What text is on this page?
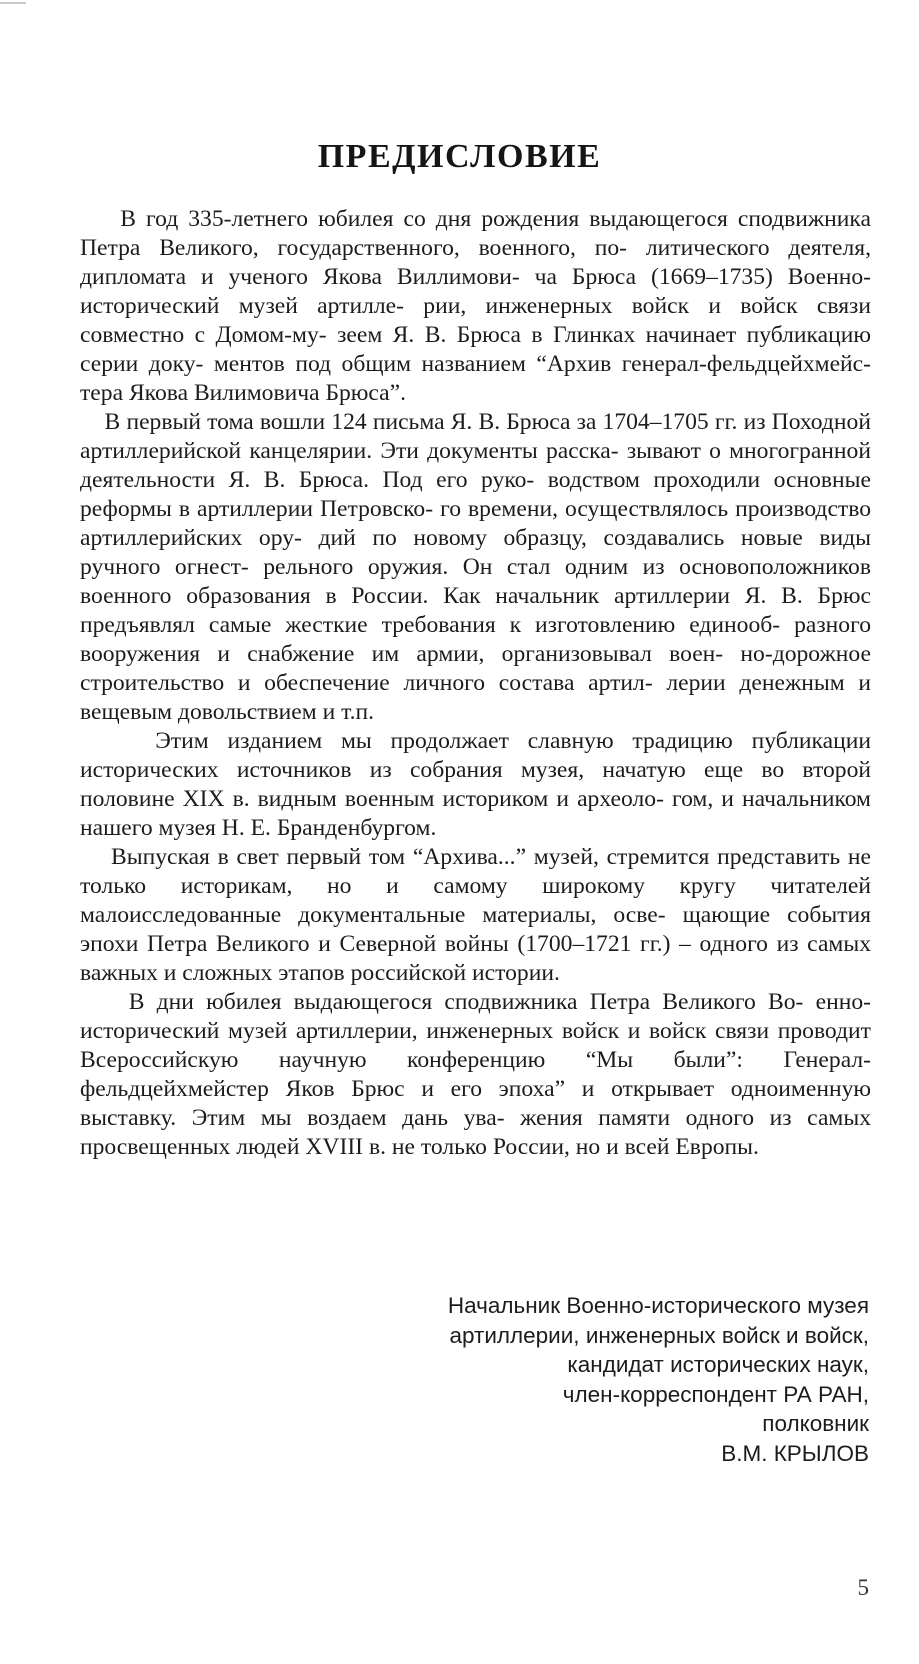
ПРЕДИСЛОВИЕ

В год 335-летнего юбилея со дня рождения выдающегося сподвижника Петра Великого, государственного, военного, по- литического деятеля, дипломата и ученого Якова Виллимови- ча Брюса (1669–1735) Военно-исторический музей артилле- рии, инженерных войск и войск связи совместно с Домом-му- зеем Я. В. Брюса в Глинках начинает публикацию серии доку- ментов под общим названием “Архив генерал-фельдцейхмейс- тера Якова Вилимовича Брюса”.

В первый тома вошли 124 письма Я. В. Брюса за 1704–1705 гг. из Походной артиллерийской канцелярии. Эти документы расска- зывают о многогранной деятельности Я. В. Брюса. Под его руко- водством проходили основные реформы в артиллерии Петровско- го времени, осуществлялось производство артиллерийских ору- дий по новому образцу, создавались новые виды ручного огнест- рельного оружия. Он стал одним из основоположников военного образования в России. Как начальник артиллерии Я. В. Брюс предъявлял самые жесткие требования к изготовлению единооб- разного вооружения и снабжение им армии, организовывал воен- но-дорожное строительство и обеспечение личного состава артил- лерии денежным и вещевым довольствием и т.п.

Этим изданием мы продолжает славную традицию публикации исторических источников из собрания музея, начатую еще во второй половине XIX в. видным военным историком и археоло- гом, и начальником нашего музея Н. Е. Бранденбургом.

Выпуская в свет первый том “Архива...” музей, стремится представить не только историкам, но и самому широкому кругу читателей малоисследованные документальные материалы, осве- щающие события эпохи Петра Великого и Северной войны (1700–1721 гг.) – одного из самых важных и сложных этапов российской истории.

В дни юбилея выдающегося сподвижника Петра Великого Во- енно-исторический музей артиллерии, инженерных войск и войск связи проводит Всероссийскую научную конференцию “Мы были”: Генерал-фельдцейхмейстер Яков Брюс и его эпоха” и открывает одноименную выставку. Этим мы воздаем дань ува- жения памяти одного из самых просвещенных людей XVIII в. не только России, но и всей Европы.

Начальник Военно-исторического музея
артиллерии, инженерных войск и войск,
кандидат исторических наук,
член-корреспондент РА РАН,
полковник
В.М. КРЫЛОВ
5
